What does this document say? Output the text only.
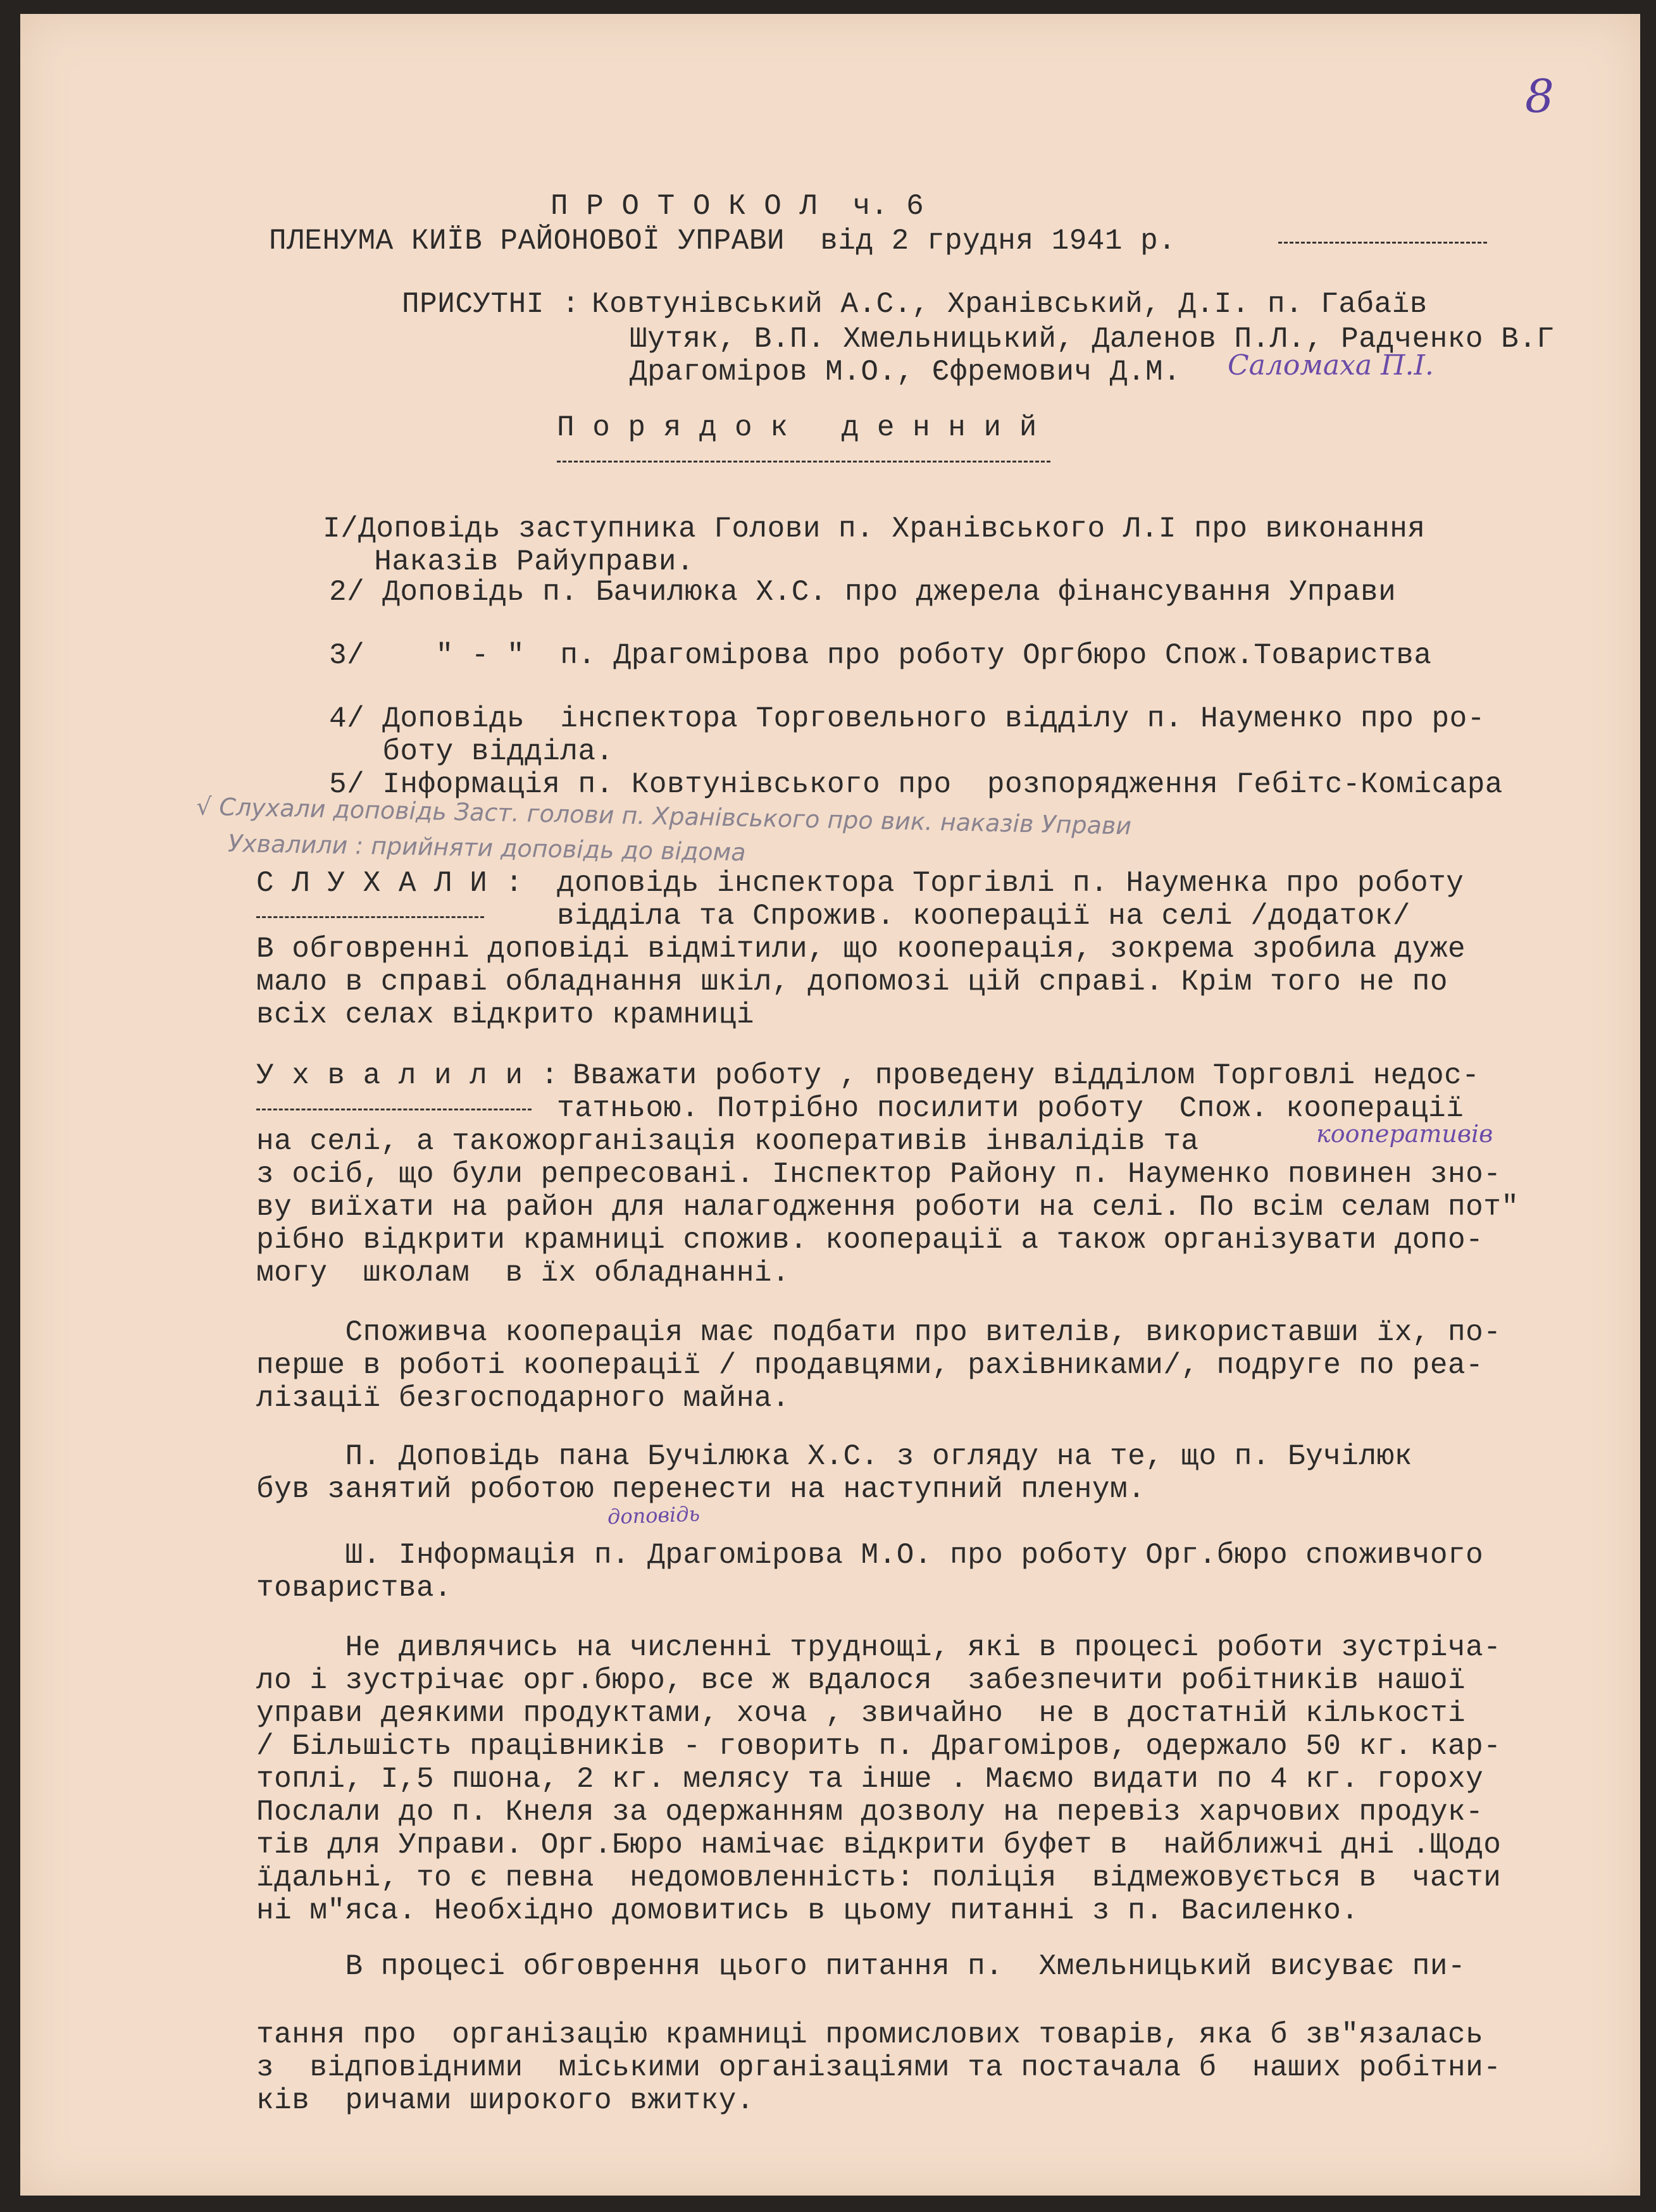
8
П Р О Т О К О Л  ч. 6
ПЛЕНУМА КИЇВ РАЙОНОВОЇ УПРАВИ  від 2 грудня 1941 р.
ПРИСУТНІ : Ковтунівський А.С., Хранівський, Д.І. п. Габаїв
Шутяк, В.П. Хмельницький, Даленов П.Л., Радченко В.Г
Драгоміров М.О., Єфремович Д.М. Саломаха П.І.
П о р я д о к   д е н н и й
І/Доповідь заступника Голови п. Хранівського Л.І про виконання
Наказів Райуправи.
2/ Доповідь п. Бачилюка Х.С. про джерела фінансування Управи
3/    " - "  п. Драгомірова про роботу Оргбюро Спож.Товариства
4/ Доповідь  інспектора Торговельного відділу п. Науменко про ро-
боту відділа.
5/ Інформація п. Ковтунівського про  розпорядження Гебітс-Комісара
√ Слухали доповідь Заст. голови п. Хранівського про вик. наказів Управи
Ухвалили : прийняти доповідь до відома
С Л У Х А Л И : доповідь інспектора Торгівлі п. Науменка про роботу
відділа та Спрожив. кооперації на селі /додаток/
В обговренні доповіді відмітили, що кооперація, зокрема зробила дуже
мало в справі обладнання шкіл, допомозі цій справі. Крім того не по
всіх селах відкрито крамниці
У х в а л и л и : Вважати роботу , проведену відділом Торговлі недос-
татньою. Потрібно посилити роботу  Спож. кооперації
на селі, а такожорганізація кооперативів інвалідів та	кооперативів
з осіб, що були репресовані. Інспектор Району п. Науменко повинен зно-
ву виїхати на район для налагодження роботи на селі. По всім селам пот"
рібно відкрити крамниці спожив. кооперації а також організувати допо-
могу  школам  в їх обладнанні.
Споживча кооперація має подбати про вителів, використавши їх, по-
перше в роботі кооперації / продавцями, рахівниками/, подруге по реа-
лізації безгосподарного майна.
П. Доповідь пана Бучілюка Х.С. з огляду на те, що п. Бучілюк
був занятий роботою перенести на наступний пленум.
доповідь
Ш. Інформація п. Драгомірова М.О. про роботу Орг.бюро споживчого
товариства.
Не дивлячись на численні труднощі, які в процесі роботи зустріча-
ло і зустрічає орг.бюро, все ж вдалося  забезпечити робітників нашої
управи деякими продуктами, хоча , звичайно  не в достатній кількості
/ Більшість працівників - говорить п. Драгоміров, одержало 50 кг. кар-
топлі, І,5 пшона, 2 кг. мелясу та інше . Маємо видати по 4 кг. гороху
Послали до п. Кнеля за одержанням дозволу на перевіз харчових продук-
тів для Управи. Орг.Бюро намічає відкрити буфет в  найближчі дні .Щодо
їдальні, то є певна  недомовленність: поліція  відмежовується в  части
ні м"яса. Необхідно домовитись в цьому питанні з п. Василенко.
В процесі обговрення цього питання п.  Хмельницький висуває пи-
тання про  організацію крамниці промислових товарів, яка б зв"язалась
з  відповідними  міськими організаціями та постачала б  наших робітни-
ків  ричами широкого вжитку.
